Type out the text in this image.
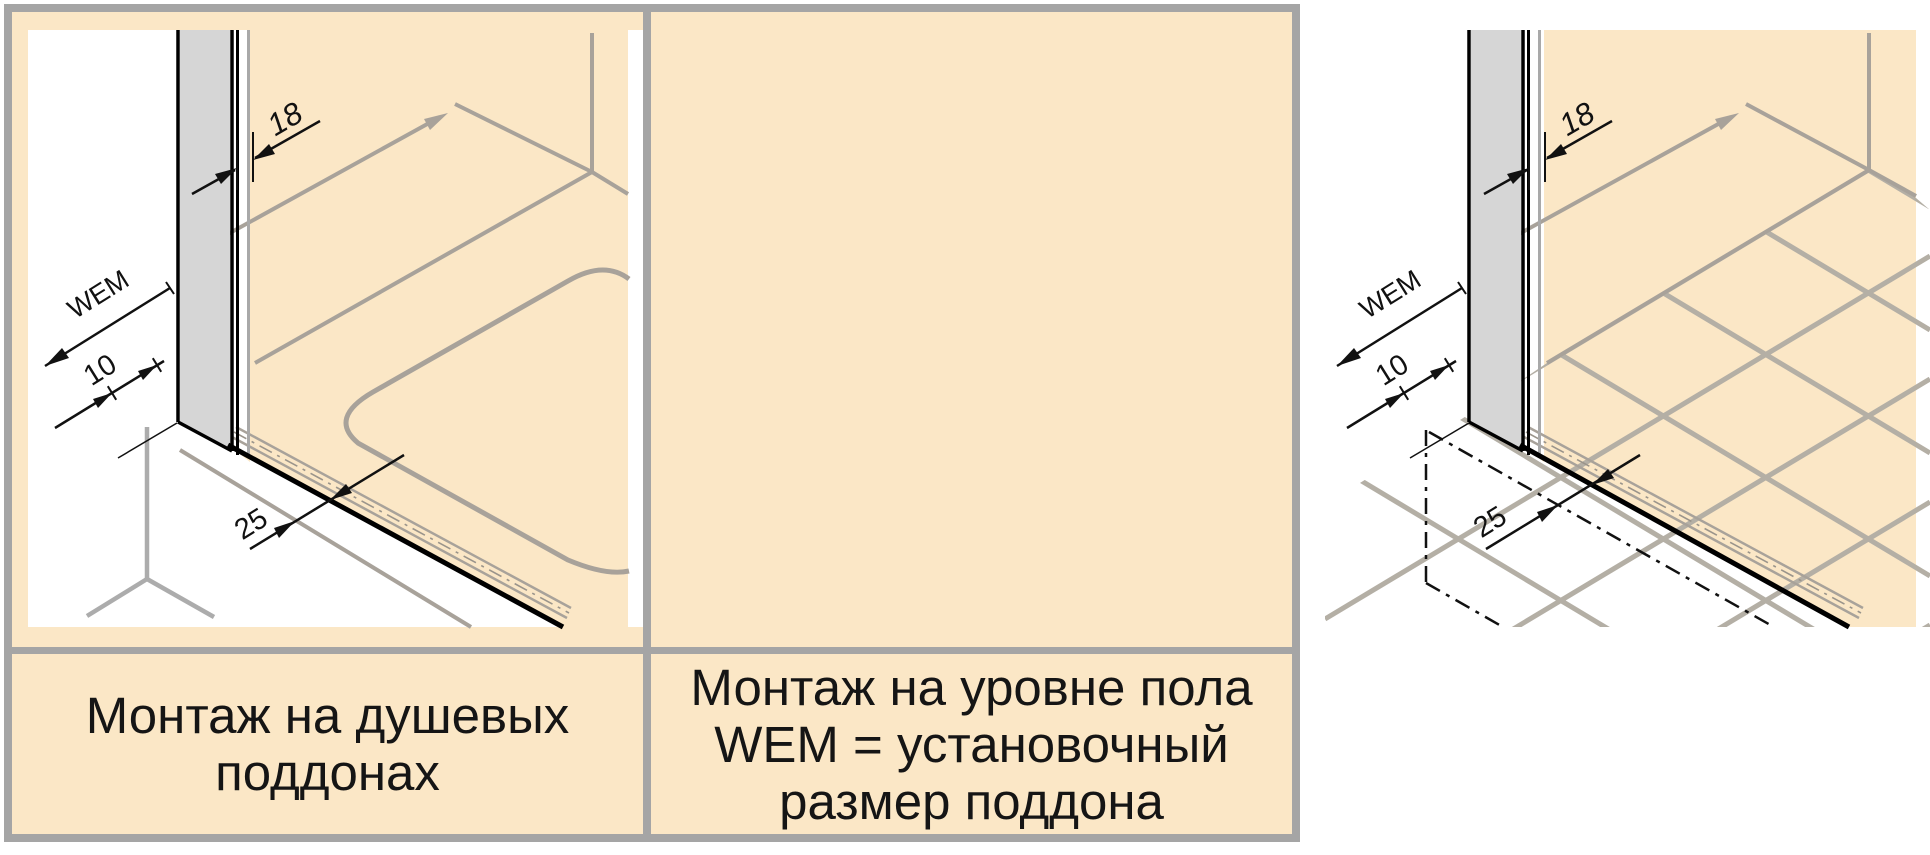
18
WEM
10
25
18
WEM
10
25
Монтаж на душевых
поддонах
Монтаж на уровне пола
WEM = установочный
размер поддона
